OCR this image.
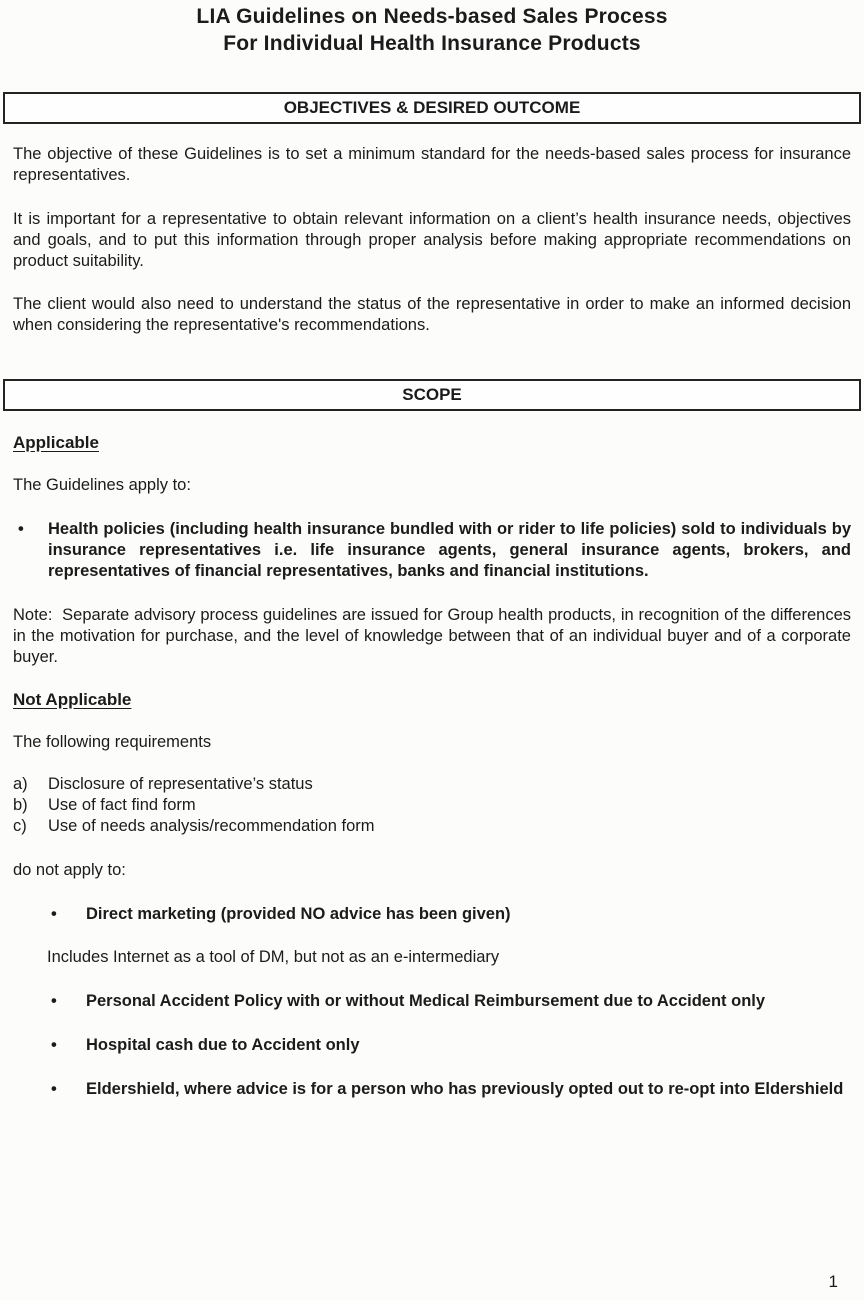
LIA Guidelines on Needs-based Sales Process
For Individual Health Insurance Products
OBJECTIVES & DESIRED OUTCOME

The objective of these Guidelines is to set a minimum standard for the needs-based sales process for insurance representatives.

It is important for a representative to obtain relevant information on a client’s health insurance needs, objectives and goals, and to put this information through proper analysis before making appropriate recommendations on product suitability.

The client would also need to understand the status of the representative in order to make an informed decision when considering the representative's recommendations.

SCOPE
Applicable

The Guidelines apply to:

•	Health policies (including health insurance bundled with or rider to life policies) sold to individuals by insurance representatives i.e. life insurance agents, general insurance agents, brokers, and representatives of financial representatives, banks and financial institutions.

Note:  Separate advisory process guidelines are issued for Group health products, in recognition of the differences in the motivation for purchase, and the level of knowledge between that of an individual buyer and of a corporate buyer.

Not Applicable

The following requirements

a)	Disclosure of representative’s status
b)	Use of fact find form
c)	Use of needs analysis/recommendation form

do not apply to:

•	Direct marketing (provided NO advice has been given)

Includes Internet as a tool of DM, but not as an e-intermediary

•	Personal Accident Policy with or without Medical Reimbursement due to Accident only
•	Hospital cash due to Accident only
•	Eldershield, where advice is for a person who has previously opted out to re-opt into Eldershield
1
